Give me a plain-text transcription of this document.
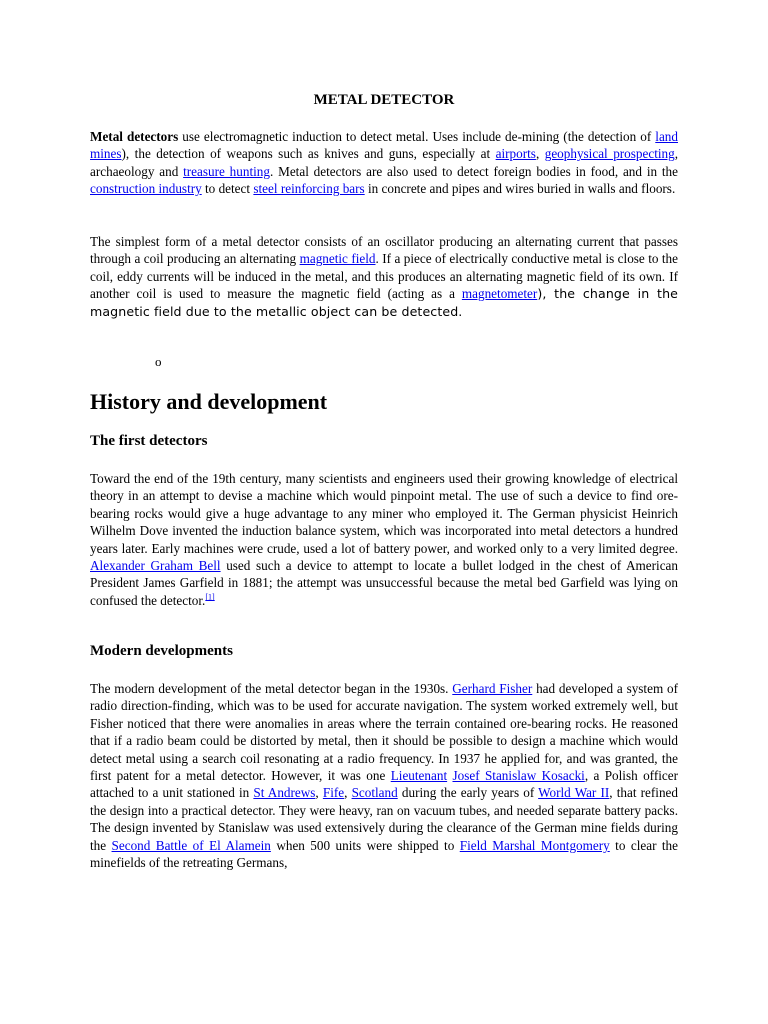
METAL DETECTOR

Metal detectors use electromagnetic induction to detect metal. Uses include de-mining (the detection of land mines), the detection of weapons such as knives and guns, especially at airports, geophysical prospecting, archaeology and treasure hunting. Metal detectors are also used to detect foreign bodies in food, and in the construction industry to detect steel reinforcing bars in concrete and pipes and wires buried in walls and floors.

The simplest form of a metal detector consists of an oscillator producing an alternating current that passes through a coil producing an alternating magnetic field. If a piece of electrically conductive metal is close to the coil, eddy currents will be induced in the metal, and this produces an alternating magnetic field of its own. If another coil is used to measure the magnetic field (acting as a magnetometer), the change in the magnetic field due to the metallic object can be detected.

o
History and development
The first detectors

Toward the end of the 19th century, many scientists and engineers used their growing knowledge of electrical theory in an attempt to devise a machine which would pinpoint metal. The use of such a device to find ore-bearing rocks would give a huge advantage to any miner who employed it. The German physicist Heinrich Wilhelm Dove invented the induction balance system, which was incorporated into metal detectors a hundred years later. Early machines were crude, used a lot of battery power, and worked only to a very limited degree. Alexander Graham Bell used such a device to attempt to locate a bullet lodged in the chest of American President James Garfield in 1881; the attempt was unsuccessful because the metal bed Garfield was lying on confused the detector.[1]

Modern developments

The modern development of the metal detector began in the 1930s. Gerhard Fisher had developed a system of radio direction-finding, which was to be used for accurate navigation. The system worked extremely well, but Fisher noticed that there were anomalies in areas where the terrain contained ore-bearing rocks. He reasoned that if a radio beam could be distorted by metal, then it should be possible to design a machine which would detect metal using a search coil resonating at a radio frequency. In 1937 he applied for, and was granted, the first patent for a metal detector. However, it was one Lieutenant Josef Stanislaw Kosacki, a Polish officer attached to a unit stationed in St Andrews, Fife, Scotland during the early years of World War II, that refined the design into a practical detector. They were heavy, ran on vacuum tubes, and needed separate battery packs. The design invented by Stanislaw was used extensively during the clearance of the German mine fields during the Second Battle of El Alamein when 500 units were shipped to Field Marshal Montgomery to clear the minefields of the retreating Germans,
